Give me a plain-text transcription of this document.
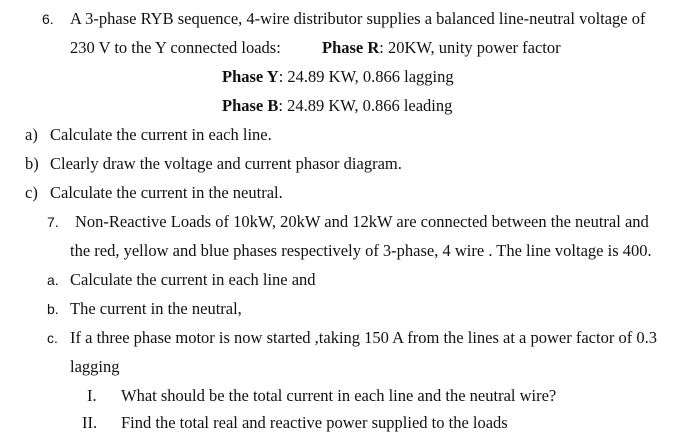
6. A 3-phase RYB sequence, 4-wire distributor supplies a balanced line-neutral voltage of
230 V to the Y connected loads: Phase R: 20KW, unity power factor
Phase Y: 24.89 KW, 0.866 lagging
Phase B: 24.89 KW, 0.866 leading
a) Calculate the current in each line.
b) Clearly draw the voltage and current phasor diagram.
c) Calculate the current in the neutral.
7. Non-Reactive Loads of 10kW, 20kW and 12kW are connected between the neutral and
the red, yellow and blue phases respectively of 3-phase, 4 wire . The line voltage is 400.
a. Calculate the current in each line and
b. The current in the neutral,
c. If a three phase motor is now started ,taking 150 A from the lines at a power factor of 0.3
lagging
I. What should be the total current in each line and the neutral wire?
II. Find the total real and reactive power supplied to the loads
